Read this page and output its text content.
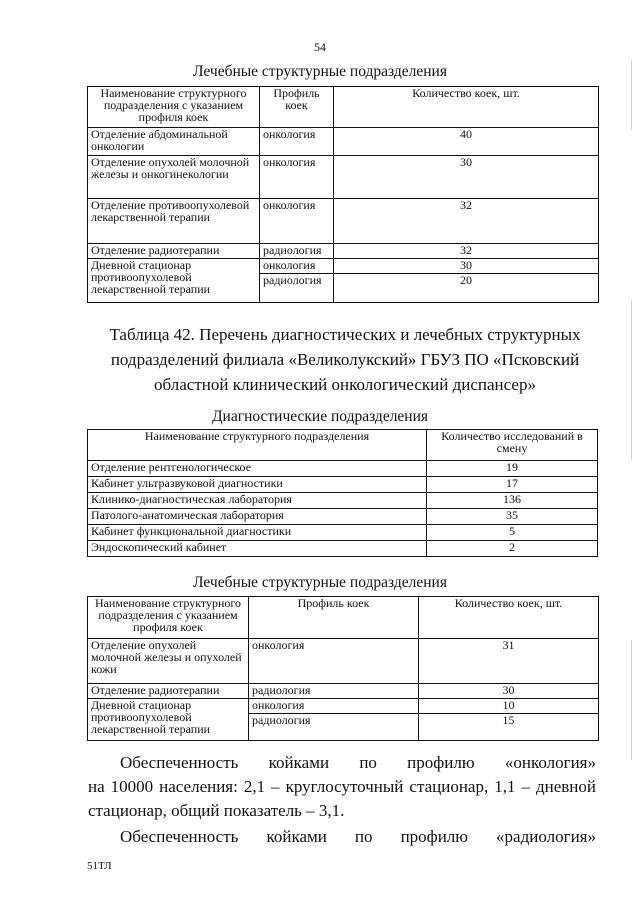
54
Лечебные структурные подразделения
Наименование структурного подразделения с указанием профиля коек	Профиль коек	Количество коек, шт.
Отделение абдоминальной онкологии	онкология	40
Отделение опухолей молочной железы и онкогинекологии	онкология	30
Отделение противоопухолевой лекарственной терапии	онкология	32
Отделение радиотерапии	радиология	32
Дневной стационар противоопухолевой лекарственной терапии	онкология	30
	радиология	20
Таблица 42. Перечень диагностических и лечебных структурных подразделений филиала «Великолукский» ГБУЗ ПО «Псковский областной клинический онкологический диспансер»
Диагностические подразделения
Наименование структурного подразделения	Количество исследований в смену
Отделение рентгенологическое	19
Кабинет ультразвуковой диагностики	17
Клинико-диагностическая лаборатория	136
Патолого-анатомическая лаборатория	35
Кабинет функциональной диагностики	5
Эндоскопический кабинет	2
Лечебные структурные подразделения
Наименование структурного подразделения с указанием профиля коек	Профиль коек	Количество коек, шт.
Отделение опухолей молочной железы и опухолей кожи	онкология	31
Отделение радиотерапии	радиология	30
Дневной стационар противоопухолевой лекарственной терапии	онкология	10
	радиология	15
Обеспеченность койками по профилю «онкология»
на 10000 населения: 2,1 – круглосуточный стационар, 1,1 – дневной
стационар, общий показатель – 3,1.
Обеспеченность койками по профилю «радиология»
51ТЛ
